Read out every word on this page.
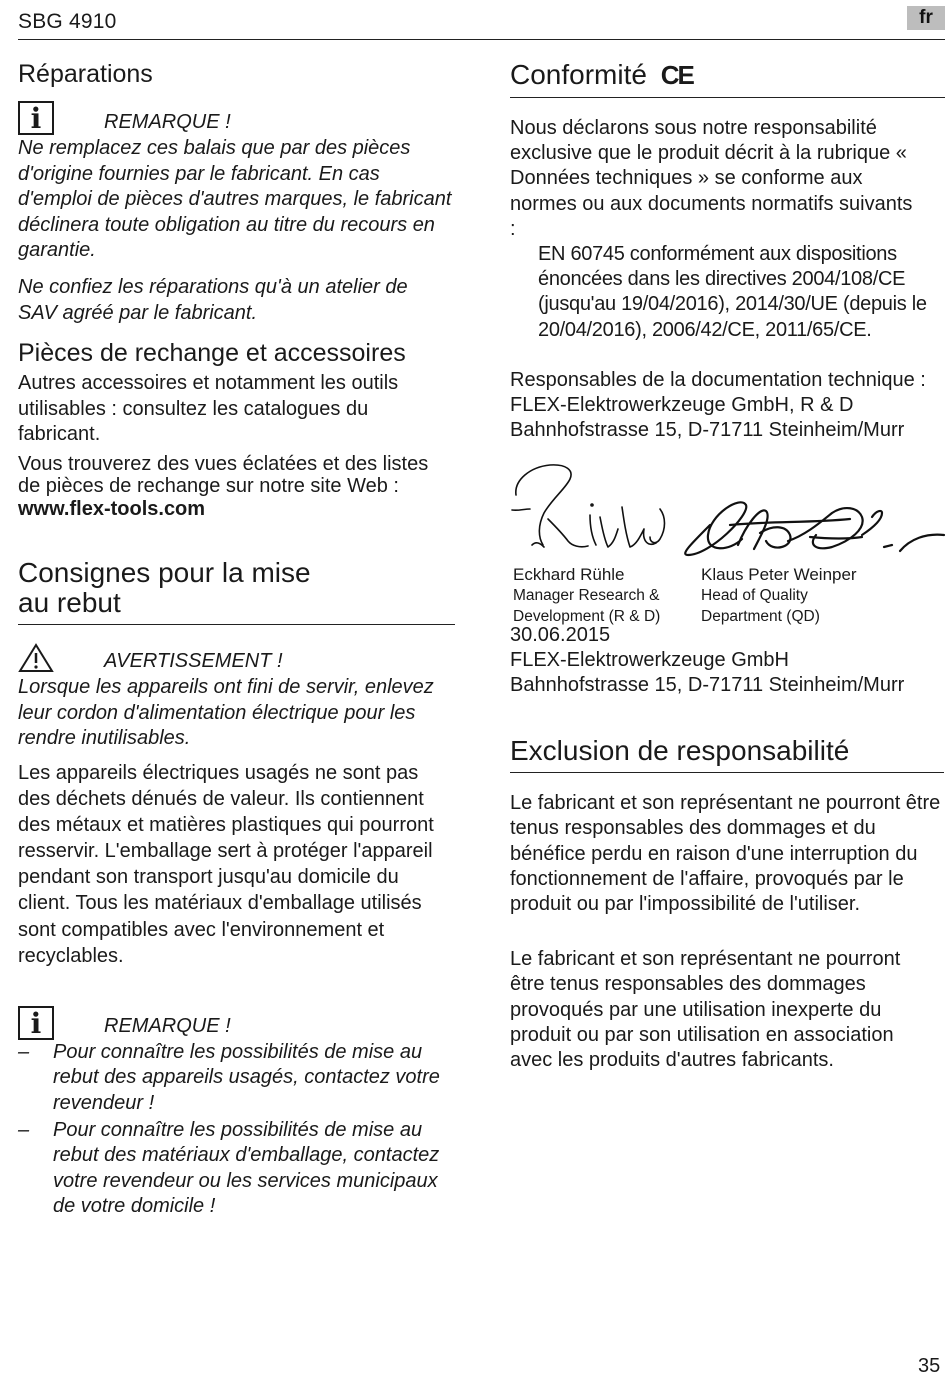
SBG 4910	fr
Réparations
i	REMARQUE !
Ne remplacez ces balais que par des pièces d'origine fournies par le fabricant. En cas d'emploi de pièces d'autres marques, le fabricant déclinera toute obligation au titre du recours en garantie.
Ne confiez les réparations qu'à un atelier de SAV agréé par le fabricant.
Pièces de rechange et accessoires
Autres accessoires et notamment les outils utilisables : consultez les catalogues du fabricant.
Vous trouverez des vues éclatées et des listes de pièces de rechange sur notre site Web :
www.flex-tools.com
Consignes pour la mise
au rebut
AVERTISSEMENT !
Lorsque les appareils ont fini de servir, enlevez leur cordon d'alimentation électrique pour les rendre inutilisables.
Les appareils électriques usagés ne sont pas des déchets dénués de valeur. Ils contiennent des métaux et matières plastiques qui pourront resservir. L'emballage sert à protéger l'appareil pendant son transport jusqu'au domicile du client. Tous les matériaux d'emballage utilisés sont compatibles avec l'environnement et recyclables.
i	REMARQUE !
–	Pour connaître les possibilités de mise au rebut des appareils usagés, contactez votre revendeur !
–	Pour connaître les possibilités de mise au rebut des matériaux d'emballage, contactez votre revendeur ou les services municipaux de votre domicile !
Conformité CE
Nous déclarons sous notre responsabilité exclusive que le produit décrit à la rubrique « Données techniques » se conforme aux normes ou aux documents normatifs suivants :
EN 60745 conformément aux dispositions énoncées dans les directives 2004/108/CE (jusqu'au 19/04/2016), 2014/30/UE (depuis le 20/04/2016), 2006/42/CE, 2011/65/CE.
Responsables de la documentation technique : FLEX-Elektrowerkzeuge GmbH, R & D Bahnhofstrasse 15, D-71711 Steinheim/Murr
Eckhard Rühle
Manager Research & Development (R & D)
Klaus Peter Weinper
Head of Quality Department (QD)
30.06.2015
FLEX-Elektrowerkzeuge GmbH
Bahnhofstrasse 15, D-71711 Steinheim/Murr
Exclusion de responsabilité
Le fabricant et son représentant ne pourront être tenus responsables des dommages et du bénéfice perdu en raison d'une interruption du fonctionnement de l'affaire, provoqués par le produit ou par l'impossibilité de l'utiliser.
Le fabricant et son représentant ne pourront être tenus responsables des dommages provoqués par une utilisation inexperte du produit ou par son utilisation en association avec les produits d'autres fabricants.
35
